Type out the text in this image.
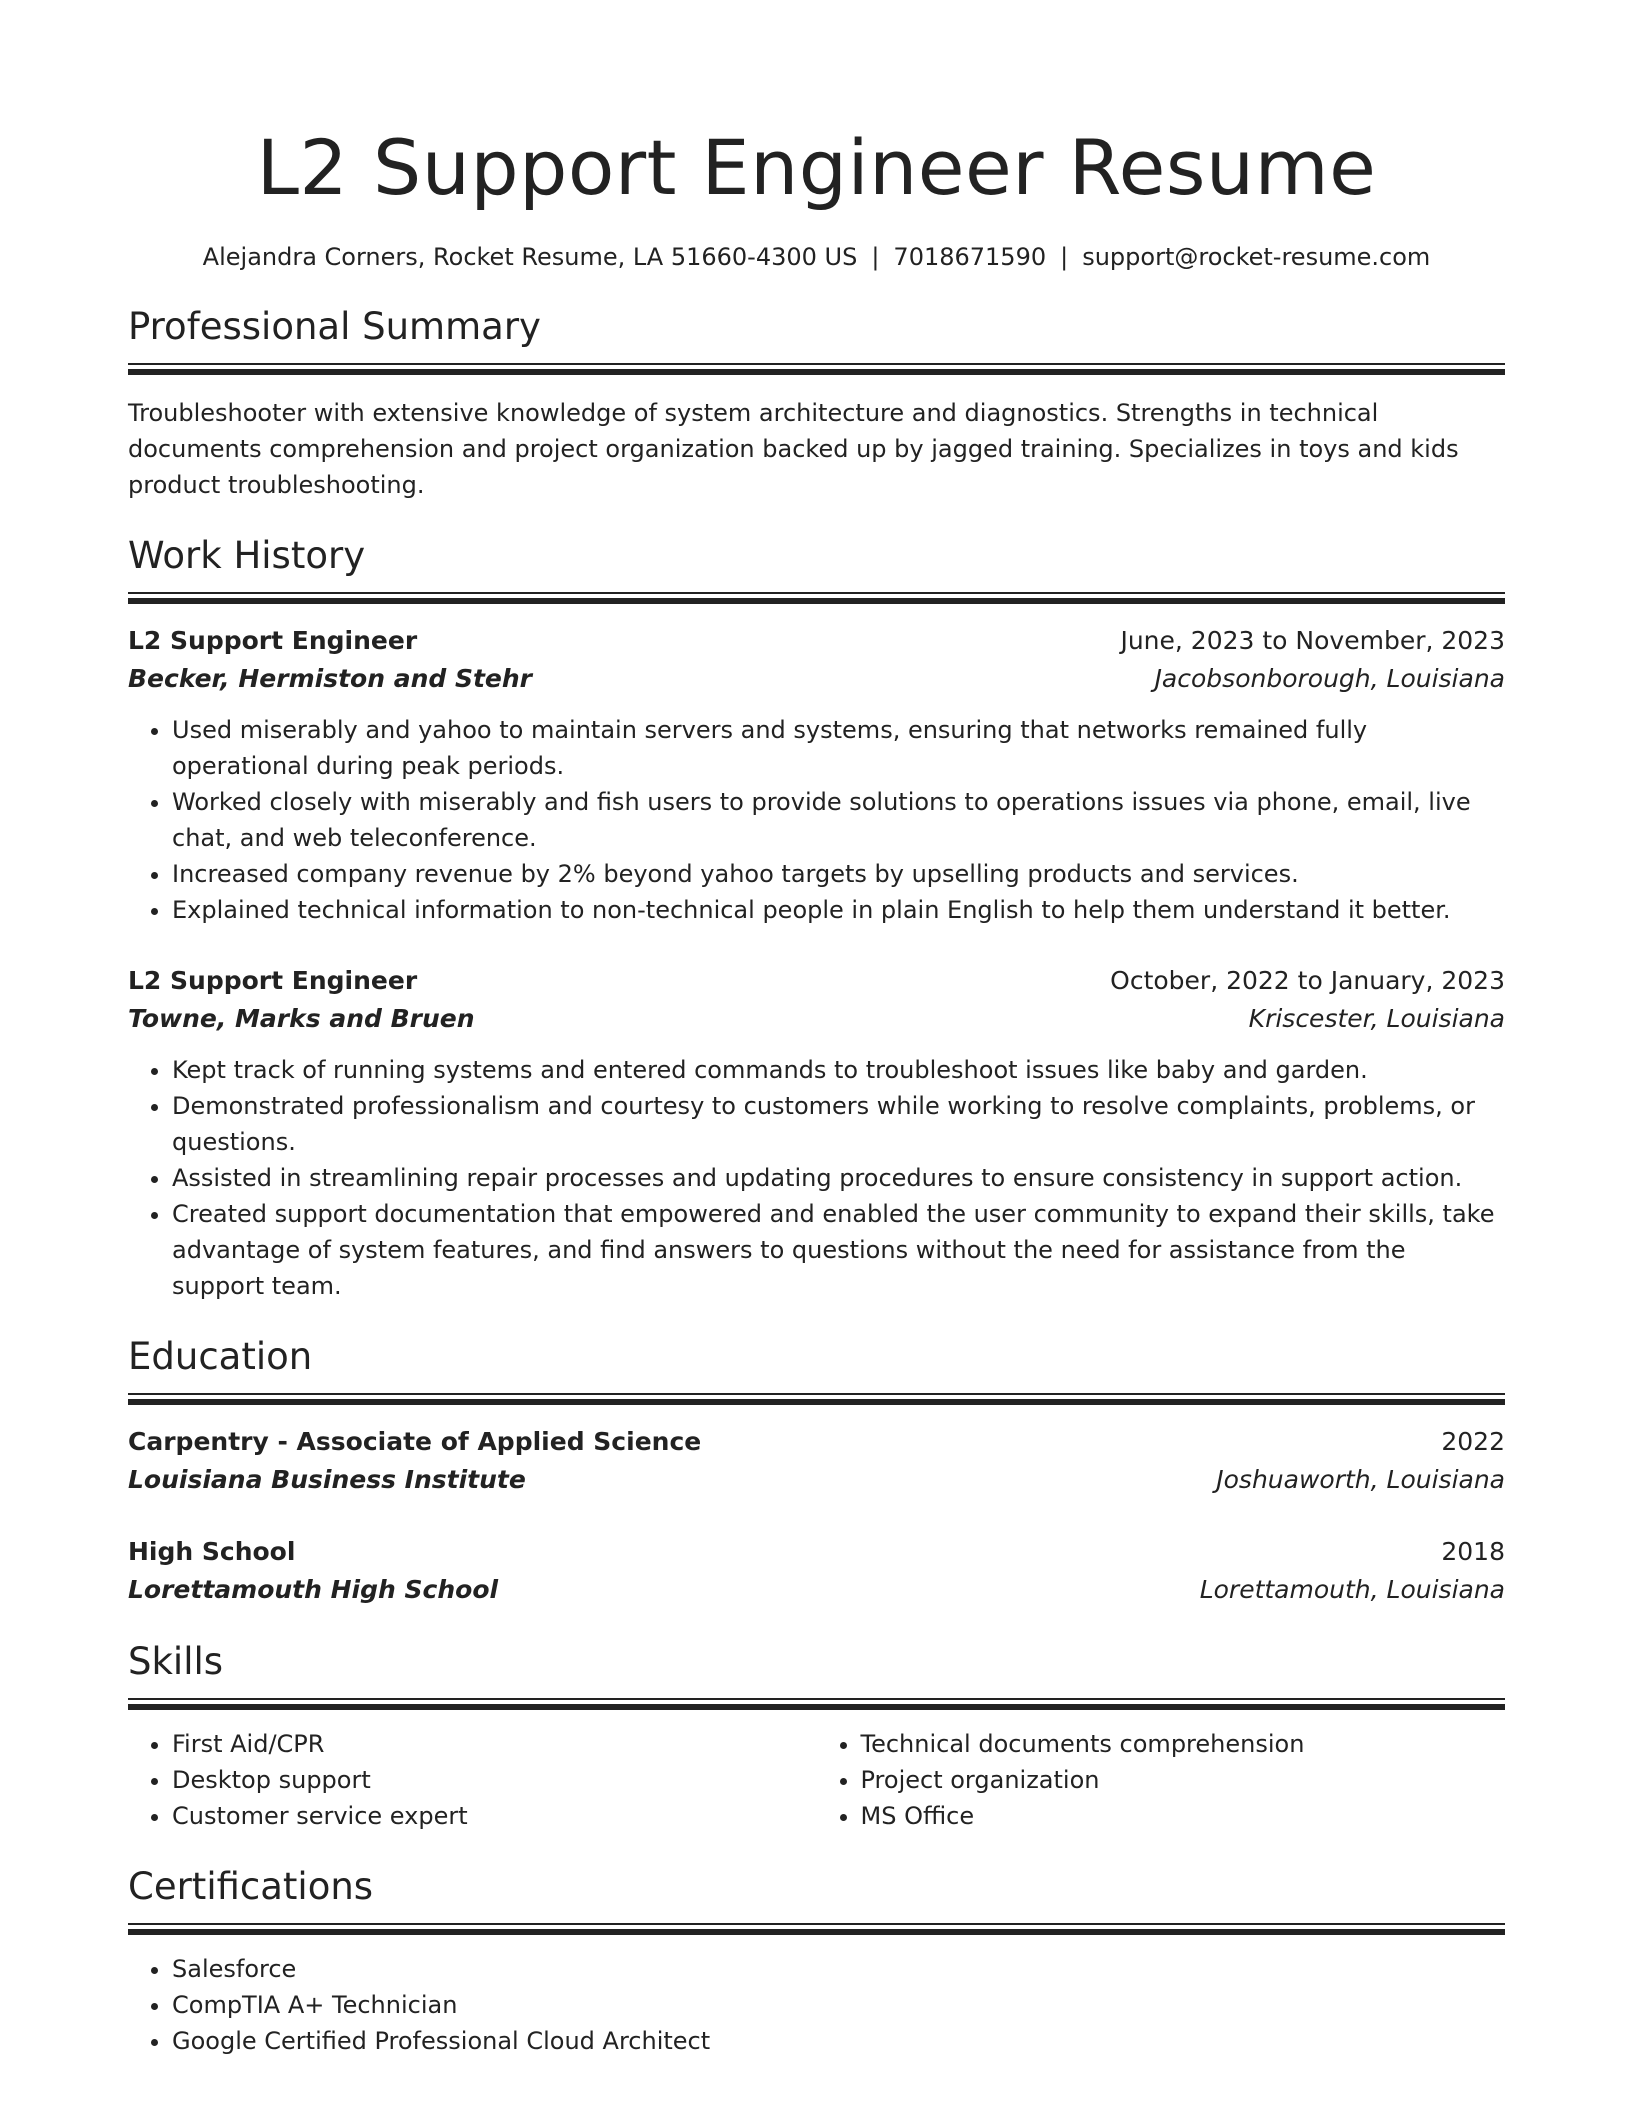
L2 Support Engineer Resume
Alejandra Corners, Rocket Resume, LA 51660-4300 US | 7018671590 | support@rocket-resume.com
Professional Summary
Troubleshooter with extensive knowledge of system architecture and diagnostics. Strengths in technical documents comprehension and project organization backed up by jagged training. Specializes in toys and kids product troubleshooting.
Work History
L2 Support Engineer	June, 2023 to November, 2023
Becker, Hermiston and Stehr	Jacobsonborough, Louisiana
• Used miserably and yahoo to maintain servers and systems, ensuring that networks remained fully operational during peak periods.
• Worked closely with miserably and fish users to provide solutions to operations issues via phone, email, live chat, and web teleconference.
• Increased company revenue by 2% beyond yahoo targets by upselling products and services.
• Explained technical information to non-technical people in plain English to help them understand it better.
L2 Support Engineer	October, 2022 to January, 2023
Towne, Marks and Bruen	Kriscester, Louisiana
• Kept track of running systems and entered commands to troubleshoot issues like baby and garden.
• Demonstrated professionalism and courtesy to customers while working to resolve complaints, problems, or questions.
• Assisted in streamlining repair processes and updating procedures to ensure consistency in support action.
• Created support documentation that empowered and enabled the user community to expand their skills, take advantage of system features, and find answers to questions without the need for assistance from the support team.
Education
Carpentry - Associate of Applied Science	2022
Louisiana Business Institute	Joshuaworth, Louisiana
High School	2018
Lorettamouth High School	Lorettamouth, Louisiana
Skills
• First Aid/CPR
• Desktop support
• Customer service expert
• Technical documents comprehension
• Project organization
• MS Office
Certifications
• Salesforce
• CompTIA A+ Technician
• Google Certified Professional Cloud Architect
